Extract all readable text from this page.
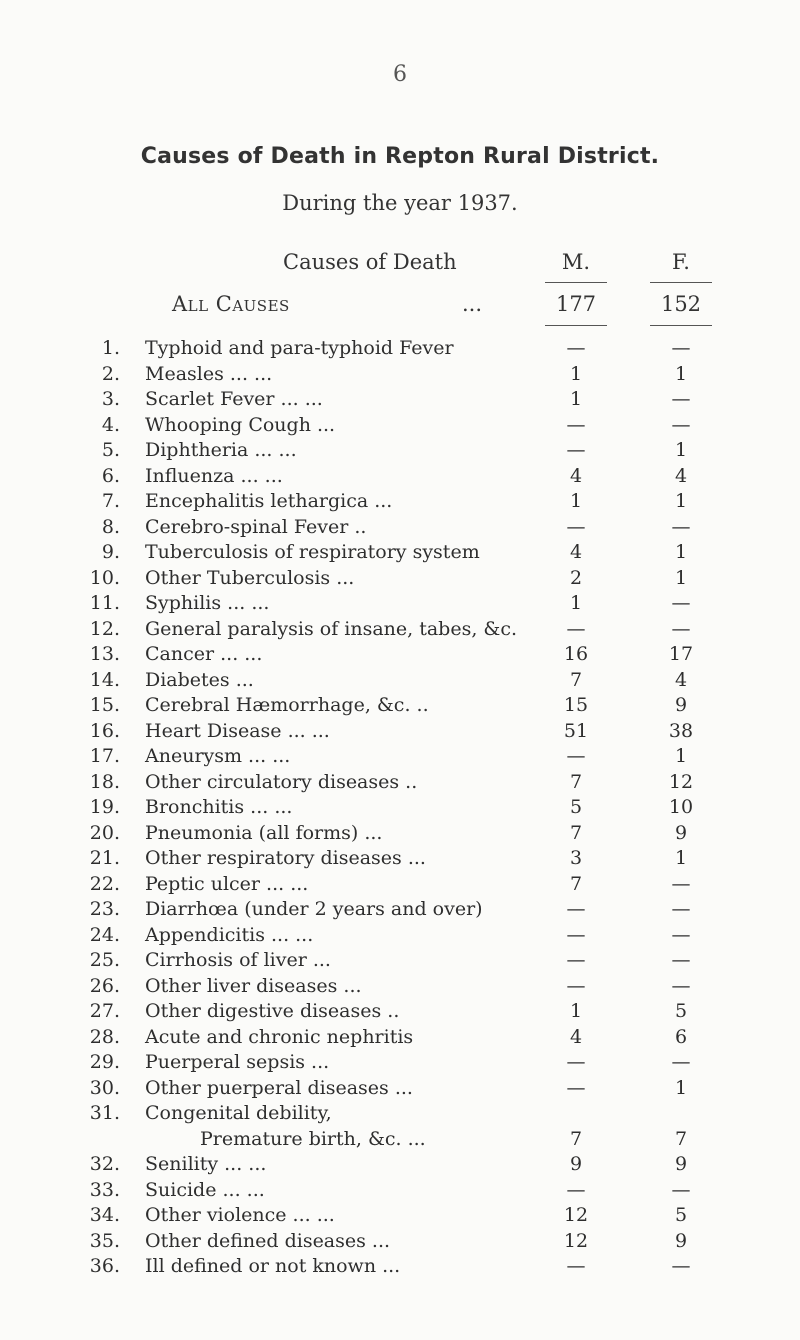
6
Causes of Death in Repton Rural District.
During the year 1937.
Causes of Death	M.	F.
All Causes	...	177	152
1. Typhoid and para-typhoid Fever	—	—
2. Measles ... ...	1	1
3. Scarlet Fever ... ...	1	—
4. Whooping Cough ...	—	—
5. Diphtheria ... ...	—	1
6. Influenza ... ...	4	4
7. Encephalitis lethargica ...	1	1
8. Cerebro-spinal Fever ..	—	—
9. Tuberculosis of respiratory system	4	1
10. Other Tuberculosis ...	2	1
11. Syphilis ... ...	1	—
12. General paralysis of insane, tabes, &c.	—	—
13. Cancer ... ...	16	17
14. Diabetes ...	7	4
15. Cerebral Hæmorrhage, &c. ..	15	9
16. Heart Disease ... ...	51	38
17. Aneurysm ... ...	—	1
18. Other circulatory diseases ..	7	12
19. Bronchitis ... ...	5	10
20. Pneumonia (all forms) ...	7	9
21. Other respiratory diseases ...	3	1
22. Peptic ulcer ... ...	7	—
23. Diarrhœa (under 2 years and over)	—	—
24. Appendicitis ... ...	—	—
25. Cirrhosis of liver ...	—	—
26. Other liver diseases ...	—	—
27. Other digestive diseases ..	1	5
28. Acute and chronic nephritis	4	6
29. Puerperal sepsis ...	—	—
30. Other puerperal diseases ...	—	1
31. Congenital debility,
Premature birth, &c. ...	7	7
32. Senility ... ...	9	9
33. Suicide ... ...	—	—
34. Other violence ... ...	12	5
35. Other defined diseases ...	12	9
36. Ill defined or not known ...	—	—
